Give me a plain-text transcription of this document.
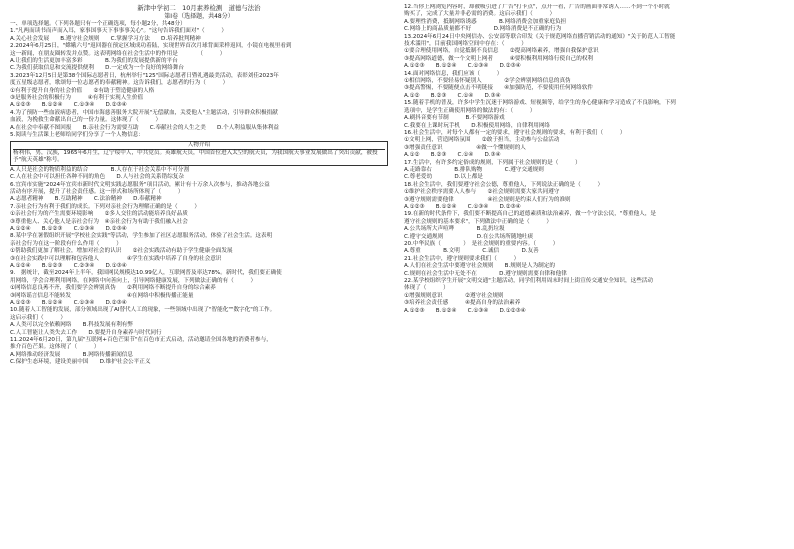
新津中学初二　10月素养检测　道德与法治
第I卷（选择题，共48分）
一、单项选择题。（下列各题只有一个正确选项，每小题2分，共48分）
1."凡两而读书而声而入耳，家事国事天下事事事关心"。"这句告诉我们面对"（　　　）
A.关心社会发展　　B.遵守社会规则　　C.掌握学习方法　　D.培养批判精神
2.2024年6月25日，"嫦娥六号"返回器在预定区域成功着陆，实现世界首次月球背面采样返回，小镜在电视里看到
这一新闻，在朋友圈转发并点赞。这表明网络在社会生活中的作用是　　　　（　　　）
A.让我们的生活更加丰富多彩　　　　B.为我们的发展提供新的平台
C.为我们获取信息和交流提供便利　　D.一定成为一个良好的网络舞台
3.2023年12月5日是第38个国际志愿者日，杭州举行"125"国际志愿者日暨礼遇最美活动，表彰刘佳2023年
度五星级志愿者，歌颂每一位志愿者的奉献精神。这告诉我们，志愿者的行为（　　　）
①有利于提升自身的社会价值　　②有助于塑造健康的人格
③是服务社会的积极行为　　　④有利于实现人生价值
A.①②③　　B.①②④　　C.①③④　　D.②③④
4.为了预防一些血液病患者，中国市海慈善服务大院开展"无偿献血，关爱他人"主题活动，引导群众积极捐献
血液，为挽救生命献出自己的一份力量。这体现了（　　　）
A.在社会中奉献不图回报　　B.亲社会行为需要互助　　C.奉献社会的人生之美　　D.个人利益服从集体利益
5.阅读与生活课上老师给同学们分享了一个人物信息：
人物介绍
杨利伟，男，汉族，1965年6月生，辽宁绥中人，中共党员。英雄航天员，中国首位进入太空的航天员，为我国航天事业发展做出了突出贡献，被授予"航天英雄"称号。
A.人只是社会的物质利益的结合　　　　B.人存在于社会关系中不可分割
C.人在社会中可以担任各种不同的角色　　D.人与社会的关系错综复杂
6.宜宾市实施"2024年宜宾市新时代文明实践志愿服务"项目活动，累计有十万余人次参与，推动各地公益
活动有序开展，提升了社会责任感。这一形式和场所体现了（　　　）
A.志愿者精神　　B.互助精神　　C.法治精神　　D.奉献精神
7.亲社会行为有利于我们的成长。下列对亲社会行为理解正确的是（　　　）
①亲社会行为的产生需要环境影响　　②多人交往的活动能培养良好品质
③尊重他人、关心他人是亲社会行为　④亲社会行为有助于我们融入社会
A.①②④　　B.①②③　　C.①③④　　D.②③④
8.某中学在暑假组织开展"学校社会实践"等活动，学生参加了社区志愿服务活动，体验了社会生活。这表明
亲社会行为在这一阶段有什么作用（　　　）
①帮助我们更加了解社会，增加对社会的认识　　②社会实践活动有助于学生健康全面发展
③在社会实践中可以理解和包容他人　　　　　④学生在实践中培养了自身的社会意识
A.①②④　　B.①②③　　C.②③④　　D.①③④
9.　据统计，截至2024年上半年，我国网民规模达10.99亿人，互联网普及率达78%。新时代，我们要正确使
用网络，学会合理利用网络，在网络中向善向上，引导网络健康发展，下列做法正确的有（　　　）
①网络信息良莠不齐，我们要学会辨别真伪　　②利用网络不断提升自身的综合素养
③网络谣言信息不能转发　　　　　　　　　　④在网络中积极传播正能量
A.①②③　　B.①②④　　C.①③④　　D.②③④
10.随着人工智能的发展，部分领域出现了AI替代人工的现象，一些领域中出现了"智能化""数字化"的工作。
这启示我们（　　　）
A.人类可以完全依赖网络　　B.科技发展有利有弊
C.人工智能让人类失去工作　　D.要提升自身素养与时代同行
11.2024年6月20日，第九届"互联网+百色芒果节"在百色市正式启动，活动邀请全国各地的消费者参与，
推介百色芒果。这体现了（　　　）
A.网络推动经济发展　　　　B.网络传播新闻信息
C.保护生态环境，建设美丽中国　　D.维护社会公平正义
12.当你上网浏览内容时，却被吸引进了广告"打卡点"，点开一看，广告的画面非常诱人……不到一个小时就
购买了，完成了大量并非必需的消费。这启示我们（　　　）
A.要理性消费，抵制网络诱惑　　　　B.网络消费会加重家庭负担
C.网络上的商品质量都不好　　　　D.网络消费是不正确的行为
13.2024年6月24日中央网信办、公安部等联合印发《关于规范网络直播营销活动的通知》"关于防范人工智能
技术滥用"，目前我国网络空间中存在：（　　　）
①要合理使用网络，自觉抵制不良信息　　②提高网络素养，增强自我保护意识
③提高网络道德，做一个文明上网者　　　④要积极利用网络行使自己的权利
A.①②③　　B.①②④　　C.①③④　　D.②③④
14.面对网络信息，我们应该（　　　）
①相信网络，不要轻易怀疑别人　　　　②学会辨别网络信息的真伪
③提高警惕，不要随便点击不明链接　　④加强防范，不要使用任何网络软件
A.①②　　B.②③　　C.①④　　D.③④
15.随着手机的普及，许多中学生沉迷于网络游戏、短视频等，给学生的身心健康和学习造成了不良影响，下列
选项中，是学生正确使用网络的做法的有：（　　　）
A.刷抖音要有节制　　　B.不要网络游戏
C.我要在上课时玩手机　　D.积极使用网络，自律利用网络
16.社会生活中，对每个人都有一定的要求，遵守社会规则的要求，有利于我们（　　　）
①文明上网，营造网络氛围　　②敢于担当，主动参与公益活动
③增强责任意识　　　　　　④做一个懂规则的人
A.①②　　B.②③　　C.①④　　D.③④
17.生活中，有许多约定俗成的规则，下列属于社会规则的是（　　　）
A.走路靠右　　　　B.排队购物　　　　C.遵守交通规则
C.尊老爱幼　　　　D.以上都是
18.社会生活中，我们要遵守社会公德，尊重他人，下列说法正确的是（　　　）
①维护社会秩序需要人人参与　　②社会规则需要大家共同遵守
③遵守规则需要他律　　　　　　④社会规则是约束人们行为的准则
A.①②③　　B.①②④　　C.①③④　　D.②③④
19.在新的时代条件下，我们要不断提高自己的道德素质和法治素养，做一个守法公民，"尊重他人，是
遵守社会规则的基本要求"，下列做法中正确的是（　　　）
A.公共场所大声喧哗　　　　B.乱扔垃圾
C.遵守交通规则　　　　　　D.在公共场所随地吐痰
20.中华民族（　　　　）　是社会规则的重要内容。（　　　）
A.尊重　　　　B.文明　　　　C.诚信　　　　D.友善
21.社会生活中，遵守规则要求我们（　　　）
A.人们在社会生活中要遵守社会规则　　B.规则是人为制定的
C.规则在社会生活中无处不在　　　　D.遵守规则需要自律和他律
22.某学校组织学生开展"文明交通"主题活动，同学们利用周末时间上街宣传交通安全知识，这些活动
体现了（　　　）
①增强规则意识　　　　②遵守社会规则
③培养社会责任感　　　④提高自身的法治素养
A.①②③　　B.①②④　　C.①③④　　D.①②③④
